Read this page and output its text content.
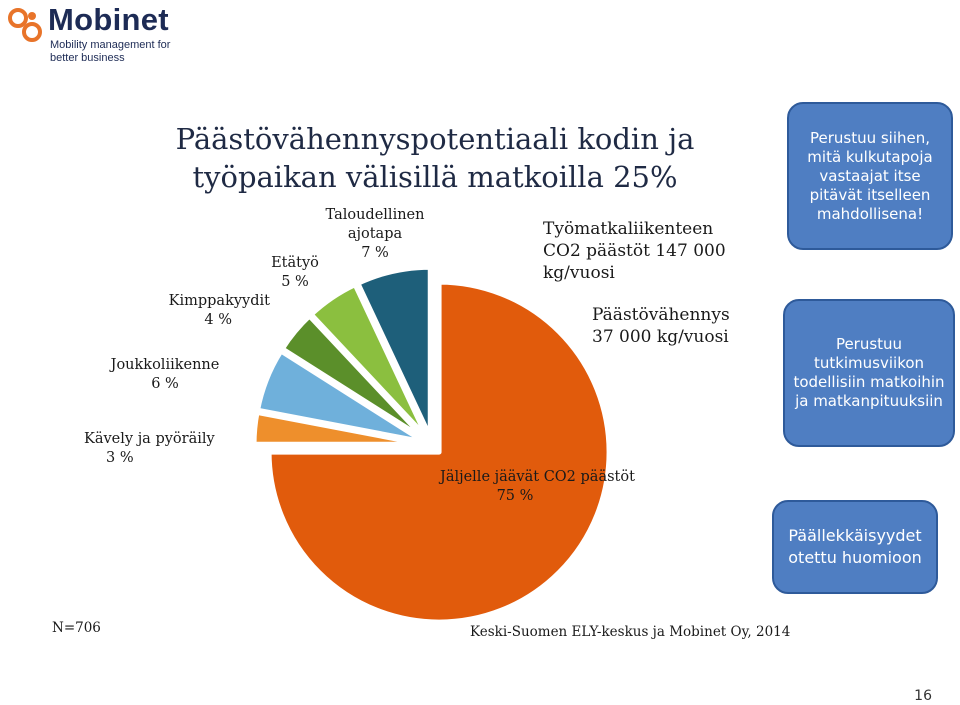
Mobinet
Mobility management for better business
Päästövähennyspotentiaali kodin ja työpaikan välisillä matkoilla 25%
Jäljelle jäävät CO2 päästöt
75 %
Kävely ja pyöräily
3 %
Joukkoliikenne
6 %
Kimppakyydit
4 %
Etätyö
5 %
Taloudellinen
ajotapa
7 %
Työmatkaliikenteen CO2 päästöt 147 000 kg/vuosi
Päästövähennys 37 000 kg/vuosi
Perustuu siihen, mitä kulkutapoja vastaajat itse pitävät itselleen mahdollisena!
Perustuu tutkimusviikon todellisiin matkoihin ja matkanpituuksiin
Päällekkäisyydet otettu huomioon
N=706	Keski-Suomen ELY-keskus ja Mobinet Oy, 2014
16
